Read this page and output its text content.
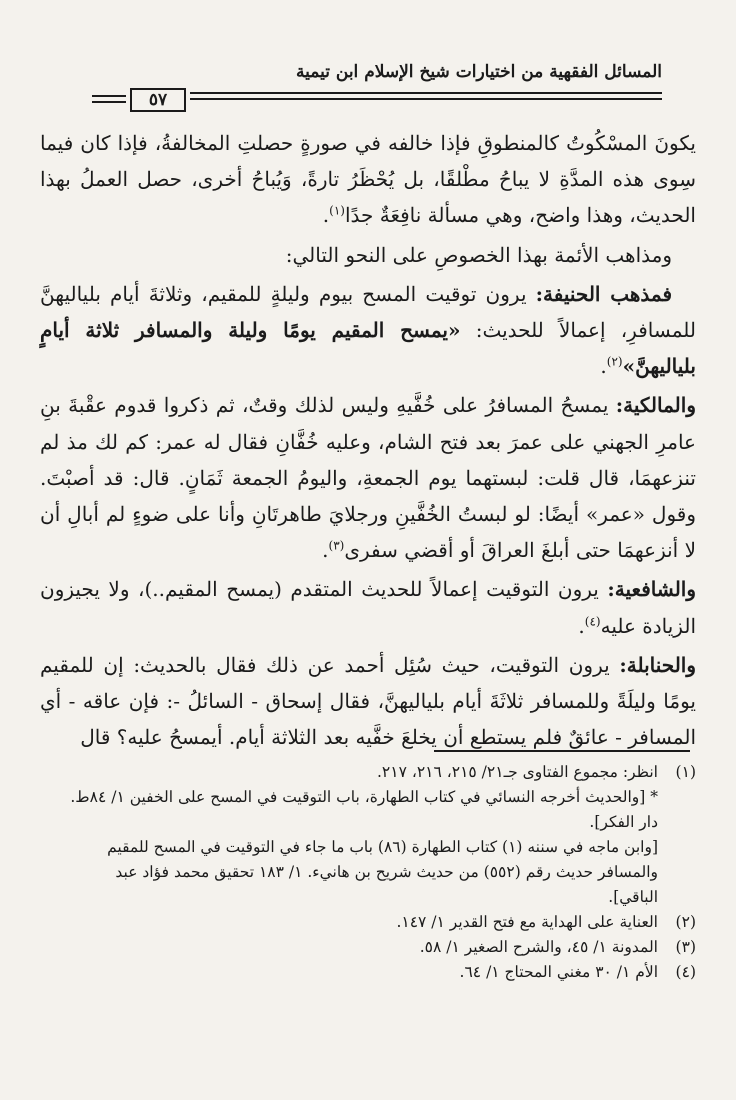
المسائل الفقهية من اختيارات شيخ الإسلام ابن تيمية
٥٧

يكونَ المسْكُوتُ كالمنطوقِ فإذا خالفه في صورةٍ حصلتِ المخالفةُ، فإذا كان فيما سِوى هذه المدَّةِ لا يباحُ مطْلقًا، بل يُحْظَرُ تارةً، وَيُباحُ أخرى، حصل العملُ بهذا الحديث، وهذا واضح، وهي مسألة نافِعَةٌ جدًا$^{(١)}$.

ومذاهب الأئمة بهذا الخصوصِ على النحو التالي:

فمذهب الحنيفة: يرون توقيت المسح بيوم وليلةٍ للمقيم، وثلاثةَ أيام بلياليهنَّ للمسافرِ، إعمالاً للحديث: «يمسح المقيم يومًا وليلة والمسافر ثلاثة أيامٍ بلياليهنَّ»$^{(٢)}$.

والمالكية: يمسحُ المسافرُ على خُفَّيهِ وليس لذلك وقتٌ، ثم ذكروا قدوم عقْبةَ بنِ عامرِ الجهني على عمرَ بعد فتح الشام، وعليه خُفَّانِ فقال له عمر: كم لك مذ لم تنزعهمَا، قال قلت: لبستهما يوم الجمعةِ، واليومُ الجمعة ثَمَانٍ. قال: قد أصبْتَ. وقول «عمر» أيضًا: لو لبستُ الخُفَّينِ ورجلايَ طاهرتَانِ وأنا على ضوءٍ لم أبالِ أن لا أنزعهمَا حتى أبلغَ العراقَ أو أقضي سفرى$^{(٣)}$.

والشافعية: يرون التوقيت إعمالاً للحديث المتقدم (يمسح المقيم..)، ولا يجيزون الزيادة عليه$^{(٤)}$.

والحنابلة: يرون التوقيت، حيث سُئِل أحمد عن ذلك فقال بالحديث: إن للمقيم يومًا وليلَةً وللمسافر ثلاثَةَ أيام بلياليهنَّ، فقال إسحاق - السائلُ -: فإن عاقه - أي المسافر - عائقٌ فلم يستطع أن يخلعَ خفَّيه بعد الثلاثة أيام. أيمسحُ عليه؟ قال

(١)

انظر: مجموع الفتاوى جـ٢١/ ٢١٥، ٢١٦، ٢١٧.

* [والحديث أخرجه النسائي في كتاب الطهارة، باب التوقيت في المسح على الخفين ١/ ٨٤ط. دار الفكر].

[وابن ماجه في سننه (١) كتاب الطهارة (٨٦) باب ما جاء في التوقيت في المسح للمقيم والمسافر حديث رقم (٥٥٢) من حديث شريح بن هانيء. ١/ ١٨٣ تحقيق محمد فؤاد عبد الباقي].

(٢)

العناية على الهداية مع فتح القدير ١/ ١٤٧.

(٣)

المدونة ١/ ٤٥، والشرح الصغير ١/ ٥٨.

(٤)

الأم ١/ ٣٠ مغني المحتاج ١/ ٦٤.
